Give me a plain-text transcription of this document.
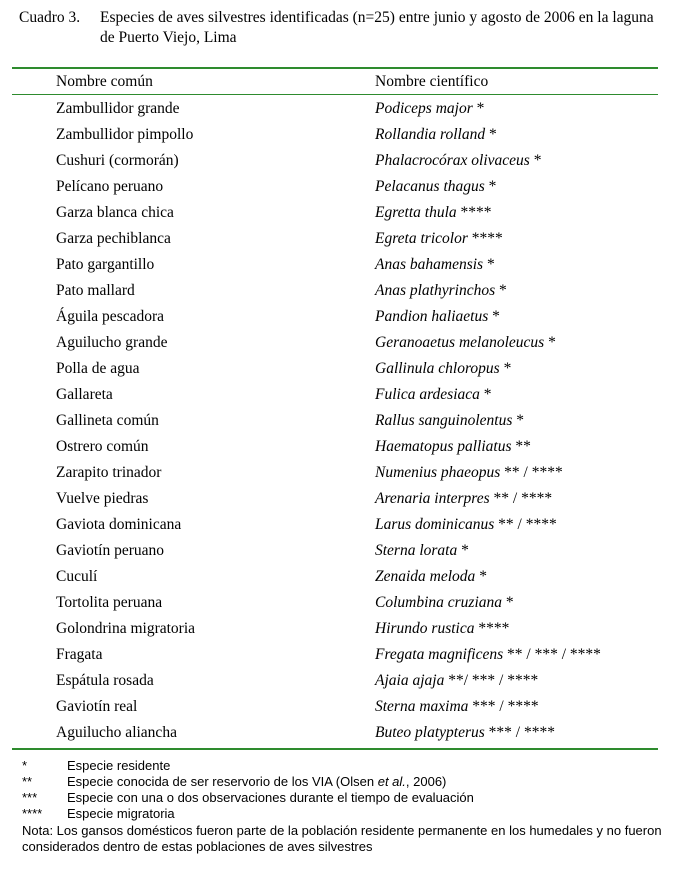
Cuadro 3. Especies de aves silvestres identificadas (n=25) entre junio y agosto de 2006 en la laguna de Puerto Viejo, Lima
Nombre común	Nombre científico
Zambullidor grande	Podiceps major *
Zambullidor pimpollo	Rollandia rolland *
Cushuri (cormorán)	Phalacrocórax olivaceus *
Pelícano peruano	Pelacanus thagus *
Garza blanca chica	Egretta thula ****
Garza pechiblanca	Egreta tricolor ****
Pato gargantillo	Anas bahamensis *
Pato mallard	Anas plathyrinchos *
Águila pescadora	Pandion haliaetus *
Aguilucho grande	Geranoaetus melanoleucus *
Polla de agua	Gallinula chloropus *
Gallareta	Fulica ardesiaca *
Gallineta común	Rallus sanguinolentus *
Ostrero común	Haematopus palliatus **
Zarapito trinador	Numenius phaeopus ** / ****
Vuelve piedras	Arenaria interpres ** / ****
Gaviota dominicana	Larus dominicanus ** / ****
Gaviotín peruano	Sterna lorata *
Cuculí	Zenaida meloda *
Tortolita peruana	Columbina cruziana *
Golondrina migratoria	Hirundo rustica ****
Fragata	Fregata magnificens ** / *** / ****
Espátula rosada	Ajaia ajaja **/ *** / ****
Gaviotín real	Sterna maxima *** / ****
Aguilucho aliancha	Buteo platypterus *** / ****
*	Especie residente
**	Especie conocida de ser reservorio de los VIA (Olsen et al., 2006)
*** Especie con una o dos observaciones durante el tiempo de evaluación
**** Especie migratoria
Nota: Los gansos domésticos fueron parte de la población residente permanente en los humedales y no fueron considerados dentro de estas poblaciones de aves silvestres
